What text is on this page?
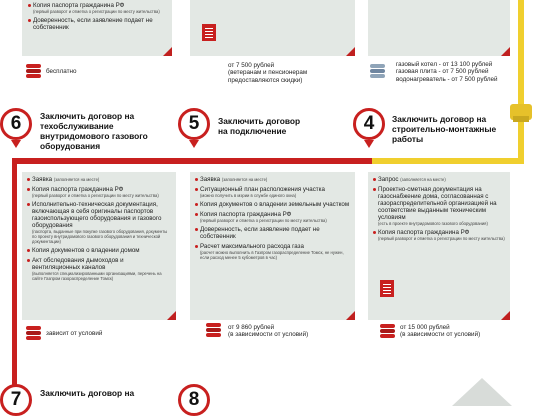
Копия паспорта гражданина РФ
(первый разворот и отметка о регистрации по месту жительства)
Доверенность, если заявление подает не собственник
бесплатно
от 7 500 рублей
(ветеранам и пенсионерам
предоставляются скидки)
газовый котел - от 13 100 рублей
газовая плита - от 7 500 рублей
водонагреватель - от 7 500 рублей
6	Заключить договор на
техобслуживание
внутридомового газового
оборудования
Заявка (заполняется на месте)
Копия паспорта гражданина РФ
(первый разворот и отметка о регистрации по месту жительства)
Исполнительно-техническая документация, включающая в себя оригиналы паспортов газоиспользующего оборудования и газового оборудования
(паспорта, выданные при покупке газового оборудования, документы по проекту внутридомового газового оборудования и технической документации)
Копия документов о владении домом
Акт обследования дымоходов и вентиляционных каналов
(выполняется специализированными организациями, перечень на сайте Газпром газораспределение Томск)
зависит от условий
5	Заключить договор
на подключение
Заявка (заполняется на месте)
Ситуационный план расположения участка
(можно получить в мэрии в службе единого окна)
Копия документов о владении земельным участком
Копия паспорта гражданина РФ
(первый разворот и отметка о регистрации по месту жительства)
Доверенность, если заявление подает не собственник
Расчет максимального расхода газа
(расчет можно выполнить в Газпром газораспределение Томск, не нужен, если расход менее 5 кубометров в час)
от 9 860 рублей
(в зависимости от условий)
4	Заключить договор на
строительно-монтажные
работы
Запрос (заполняется на месте)
Проектно-сметная документация на газоснабжение дома, согласованная с газораспределительной организацией на соответствие выданным техническим условиям
(есть в проекте внутридомового газового оборудования)
Копия паспорта гражданина РФ
(первый разворот и отметка о регистрации по месту жительства)
от 15 000 рублей
(в зависимости от условий)
7	Заключить договор на	8
